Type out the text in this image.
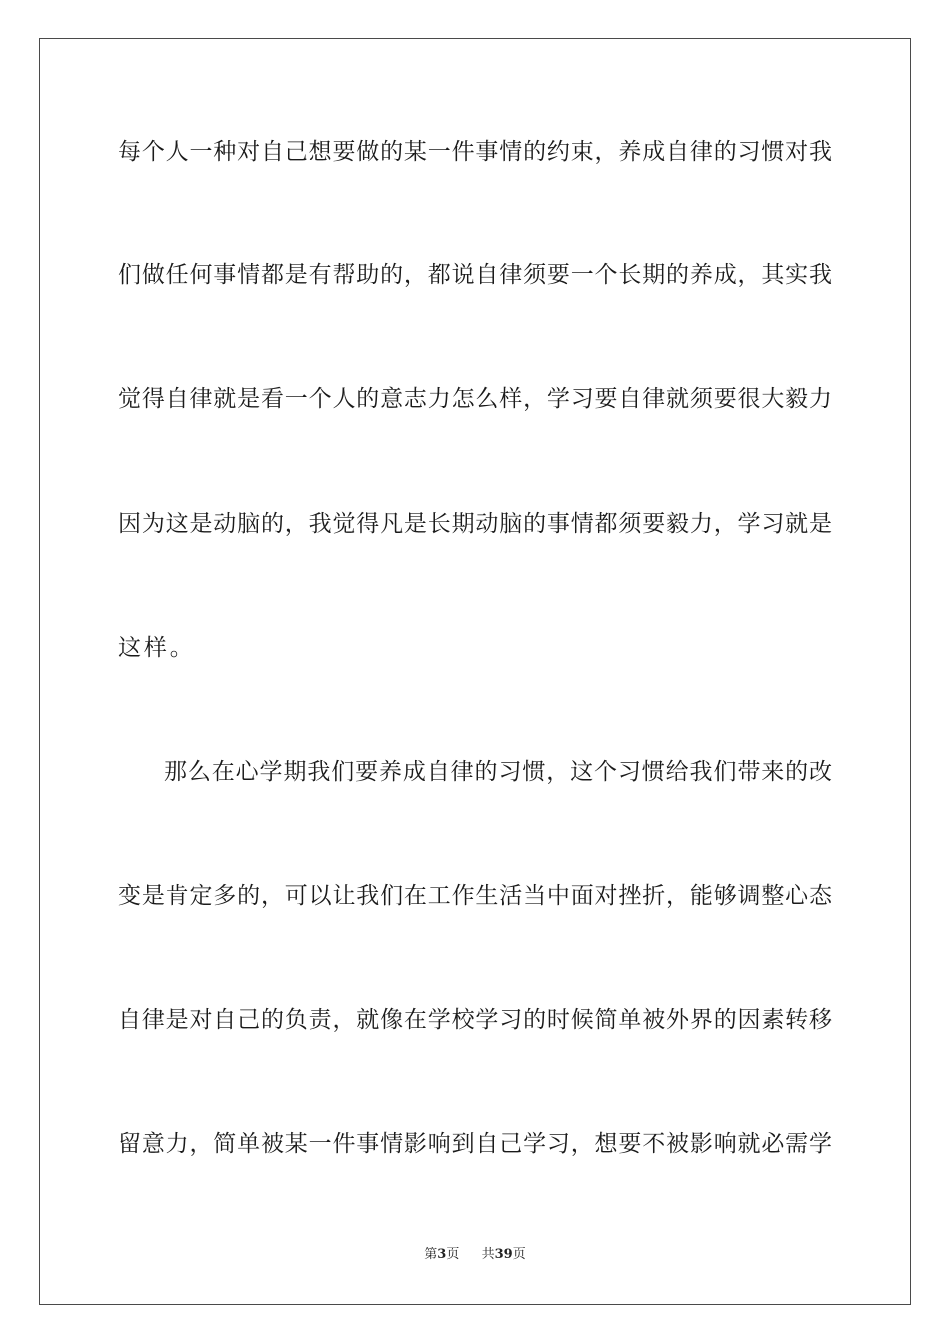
每个人一种对自己想要做的某一件事情的约束，养成自律的习惯对我
们做任何事情都是有帮助的，都说自律须要一个长期的养成，其实我
觉得自律就是看一个人的意志力怎么样，学习要自律就须要很大毅力
因为这是动脑的，我觉得凡是长期动脑的事情都须要毅力，学习就是
这样。
那么在心学期我们要养成自律的习惯，这个习惯给我们带来的改
变是肯定多的，可以让我们在工作生活当中面对挫折，能够调整心态
自律是对自己的负责，就像在学校学习的时候简单被外界的因素转移
留意力，简单被某一件事情影响到自己学习，想要不被影响就必需学
第3页 共39页
